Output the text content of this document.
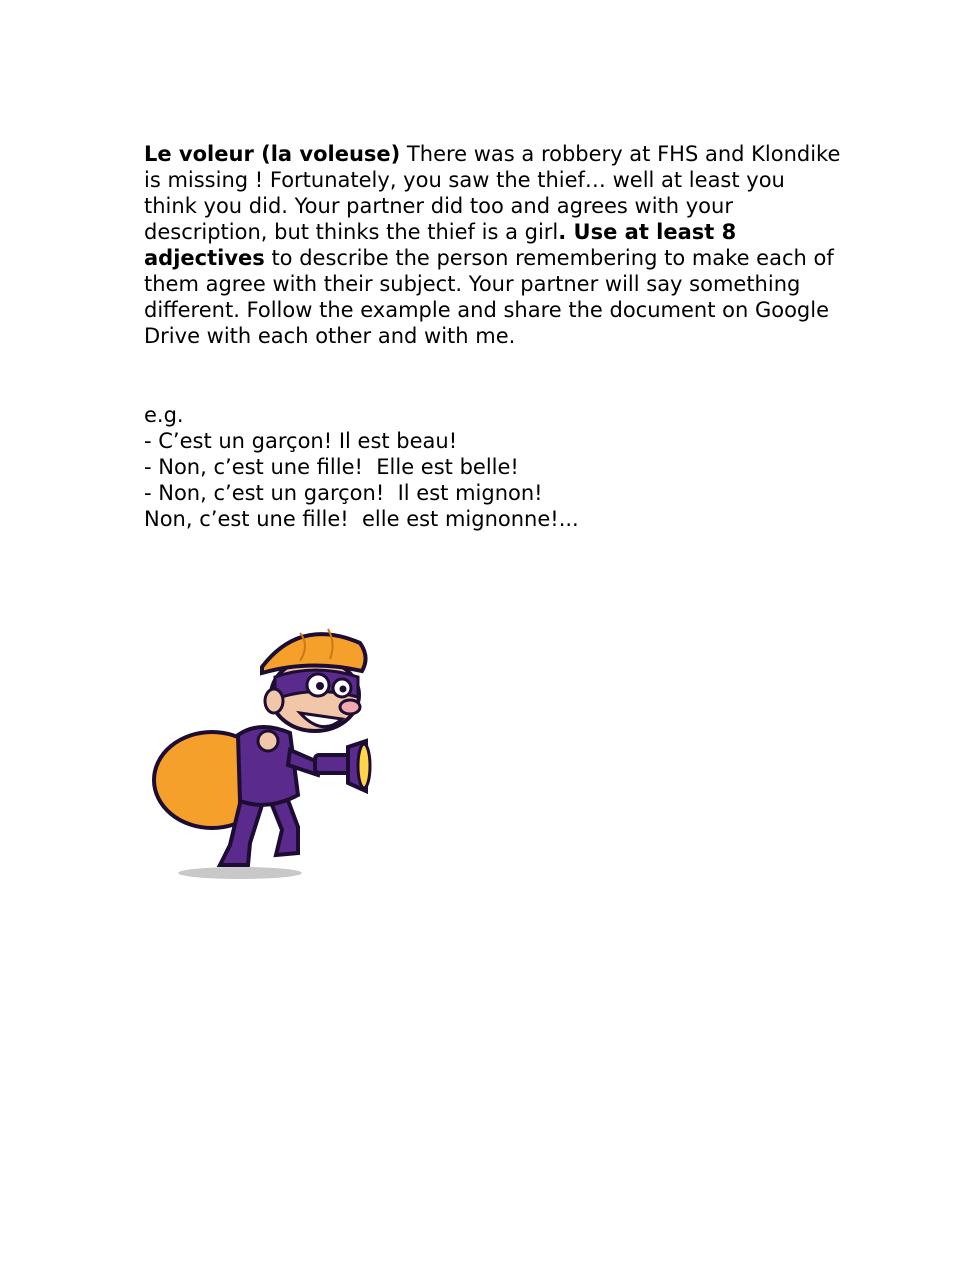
Le voleur (la voleuse) There was a robbery at FHS and Klondike is missing ! Fortunately, you saw the thief… well at least you think you did. Your partner did too and agrees with your description, but thinks the thief is a girl. Use at least 8 adjectives to describe the person remembering to make each of them agree with their subject. Your partner will say something different. Follow the example and share the document on Google Drive with each other and with me.

e.g.
- C’est un garçon! Il est beau!
- Non, c’est une fille!  Elle est belle!
- Non, c’est un garçon!  Il est mignon!
Non, c’est une fille!  elle est mignonne!...
